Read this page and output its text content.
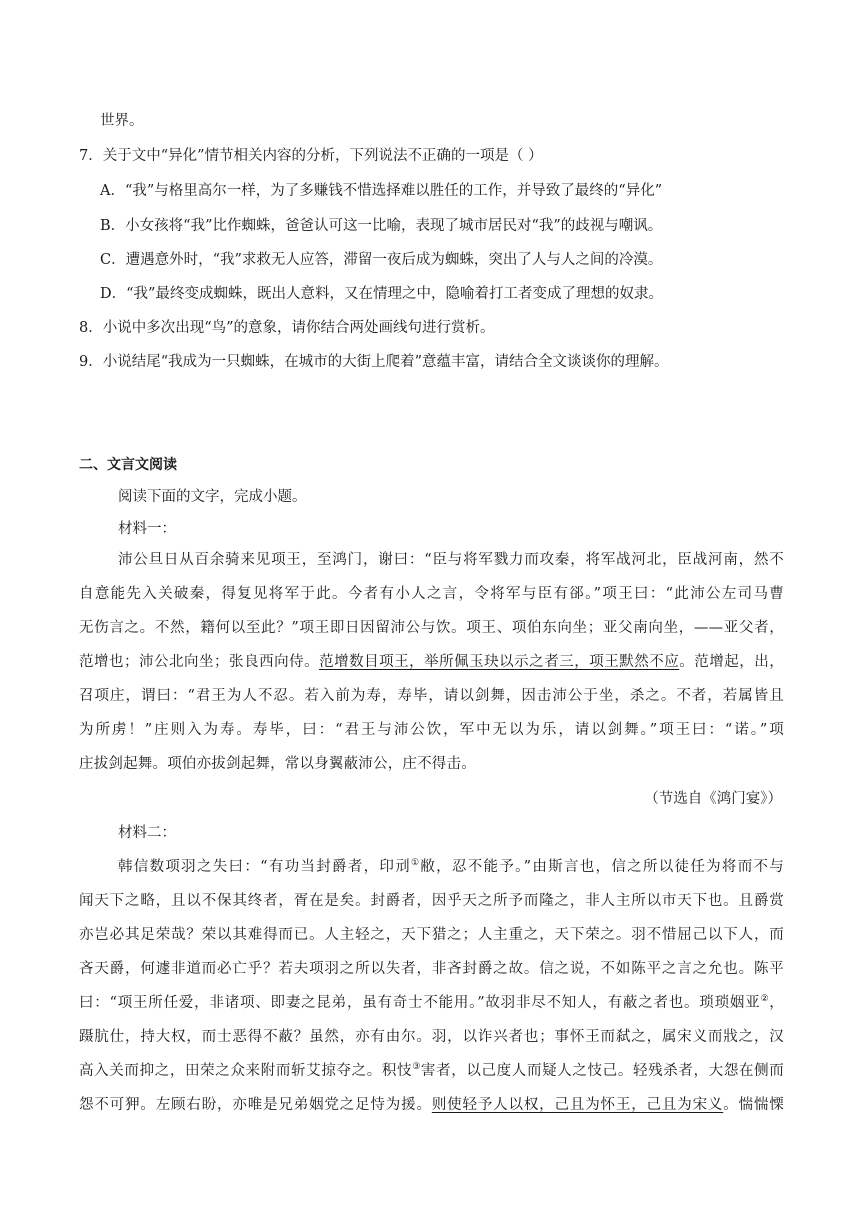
世界。
7．关于文中“异化”情节相关内容的分析，下列说法不正确的一项是（ ）
A．“我”与格里高尔一样，为了多赚钱不惜选择难以胜任的工作，并导致了最终的“异化”
B．小女孩将“我”比作蜘蛛，爸爸认可这一比喻，表现了城市居民对“我”的歧视与嘲讽。
C．遭遇意外时，“我”求救无人应答，滞留一夜后成为蜘蛛，突出了人与人之间的冷漠。
D．“我”最终变成蜘蛛，既出人意料，又在情理之中，隐喻着打工者变成了理想的奴隶。
8．小说中多次出现“鸟”的意象，请你结合两处画线句进行赏析。
9．小说结尾“我成为一只蜘蛛，在城市的大街上爬着”意蕴丰富，请结合全文谈谈你的理解。
二、文言文阅读
阅读下面的文字，完成小题。
材料一：
沛公旦日从百余骑来见项王，至鸿门，谢曰：“臣与将军戮力而攻秦，将军战河北，臣战河南，然不
自意能先入关破秦，得复见将军于此。今者有小人之言，令将军与臣有郤。”项王曰：“此沛公左司马曹
无伤言之。不然，籍何以至此？”项王即日因留沛公与饮。项王、项伯东向坐；亚父南向坐，——亚父者，
范增也；沛公北向坐；张良西向侍。范增数目项王，举所佩玉玦以示之者三，项王默然不应。范增起，出，
召项庄，谓曰：“君王为人不忍。若入前为寿，寿毕，请以剑舞，因击沛公于坐，杀之。不者，若属皆且
为所虏！”庄则入为寿。寿毕，曰：“君王与沛公饮，军中无以为乐，请以剑舞。”项王曰：“诺。”项
庄拔剑起舞。项伯亦拔剑起舞，常以身翼蔽沛公，庄不得击。
（节选自《鸿门宴》）
材料二：
韩信数项羽之失曰：“有功当封爵者，印刓①敝，忍不能予。”由斯言也，信之所以徒任为将而不与
闻天下之略，且以不保其终者，胥在是矣。封爵者，因乎天之所予而隆之，非人主所以市天下也。且爵赏
亦岂必其足荣哉？荣以其难得而已。人主轻之，天下猎之；人主重之，天下荣之。羽不惜屈己以下人，而
吝天爵，何遽非道而必亡乎？若夫项羽之所以失者，非吝封爵之故。信之说，不如陈平之言之允也。陈平
曰：“项王所任爱，非诸项、即妻之昆弟，虽有奇士不能用。”故羽非尽不知人，有蔽之者也。琐琐姻亚②，
蹑肮仕，持大权，而士恶得不蔽？虽然，亦有由尔。羽，以诈兴者也；事怀王而弑之，属宋义而戕之，汉
高入关而抑之，田荣之众来附而斩艾掠夺之。积忮③害者，以己度人而疑人之忮己。轻残杀者，大怨在侧而
怨不可狎。左顾右盼，亦唯是兄弟姻党之足恃为援。则使轻予人以权，己且为怀王，己且为宋义。惴惴慄
